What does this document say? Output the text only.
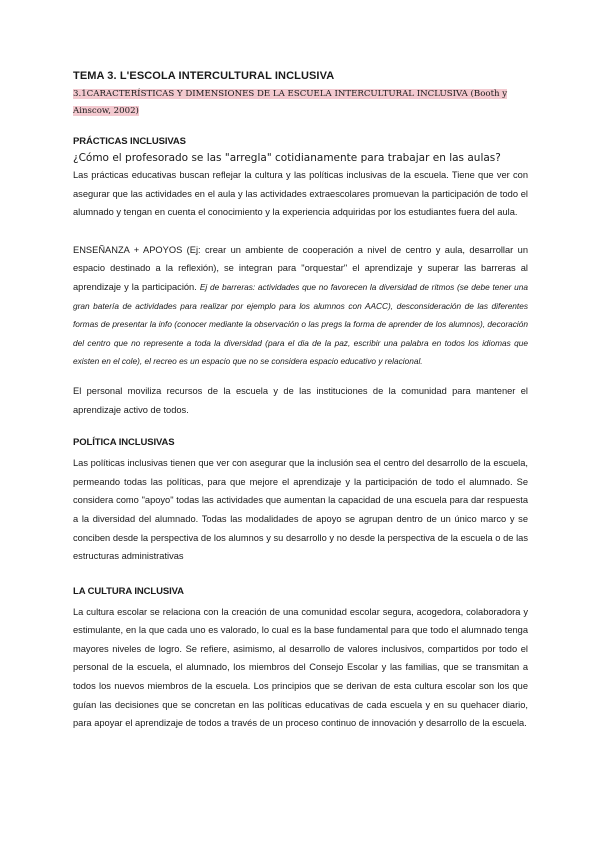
TEMA 3. L'ESCOLA INTERCULTURAL INCLUSIVA

3.1CARACTERÍSTICAS Y DIMENSIONES DE LA ESCUELA INTERCULTURAL INCLUSIVA (Booth y Ainscow, 2002)

PRÁCTICAS INCLUSIVAS

¿Cómo el profesorado se las "arregla" cotidianamente para trabajar en las aulas?

Las prácticas educativas buscan reflejar la cultura y las políticas inclusivas de la escuela. Tiene que ver con asegurar que las actividades en el aula y las actividades extraescolares promuevan la participación de todo el alumnado y tengan en cuenta el conocimiento y la experiencia adquiridas por los estudiantes fuera del aula.

ENSEÑANZA + APOYOS (Ej: crear un ambiente de cooperación a nivel de centro y aula, desarrollar un espacio destinado a la reflexión), se integran para "orquestar" el aprendizaje y superar las barreras al aprendizaje y la participación. Ej de barreras: actividades que no favorecen la diversidad de ritmos (se debe tener una gran batería de actividades para realizar por ejemplo para los alumnos con AACC), desconsideración de las diferentes formas de presentar la info (conocer mediante la observación o las pregs la forma de aprender de los alumnos), decoración del centro que no represente a toda la diversidad (para el dia de la paz, escribir una palabra en todos los idiomas que existen en el cole), el recreo es un espacio que no se considera espacio educativo y relacional.

El personal moviliza recursos de la escuela y de las instituciones de la comunidad para mantener el aprendizaje activo de todos.

POLÍTICA INCLUSIVAS

Las políticas inclusivas tienen que ver con asegurar que la inclusión sea el centro del desarrollo de la escuela, permeando todas las políticas, para que mejore el aprendizaje y la participación de todo el alumnado. Se considera como "apoyo" todas las actividades que aumentan la capacidad de una escuela para dar respuesta a la diversidad del alumnado. Todas las modalidades de apoyo se agrupan dentro de un único marco y se conciben desde la perspectiva de los alumnos y su desarrollo y no desde la perspectiva de la escuela o de las estructuras administrativas

LA CULTURA INCLUSIVA

La cultura escolar se relaciona con la creación de una comunidad escolar segura, acogedora, colaboradora y estimulante, en la que cada uno es valorado, lo cual es la base fundamental para que todo el alumnado tenga mayores niveles de logro. Se refiere, asimismo, al desarrollo de valores inclusivos, compartidos por todo el personal de la escuela, el alumnado, los miembros del Consejo Escolar y las familias, que se transmitan a todos los nuevos miembros de la escuela. Los principios que se derivan de esta cultura escolar son los que guían las decisiones que se concretan en las políticas educativas de cada escuela y en su quehacer diario, para apoyar el aprendizaje de todos a través de un proceso continuo de innovación y desarrollo de la escuela.
